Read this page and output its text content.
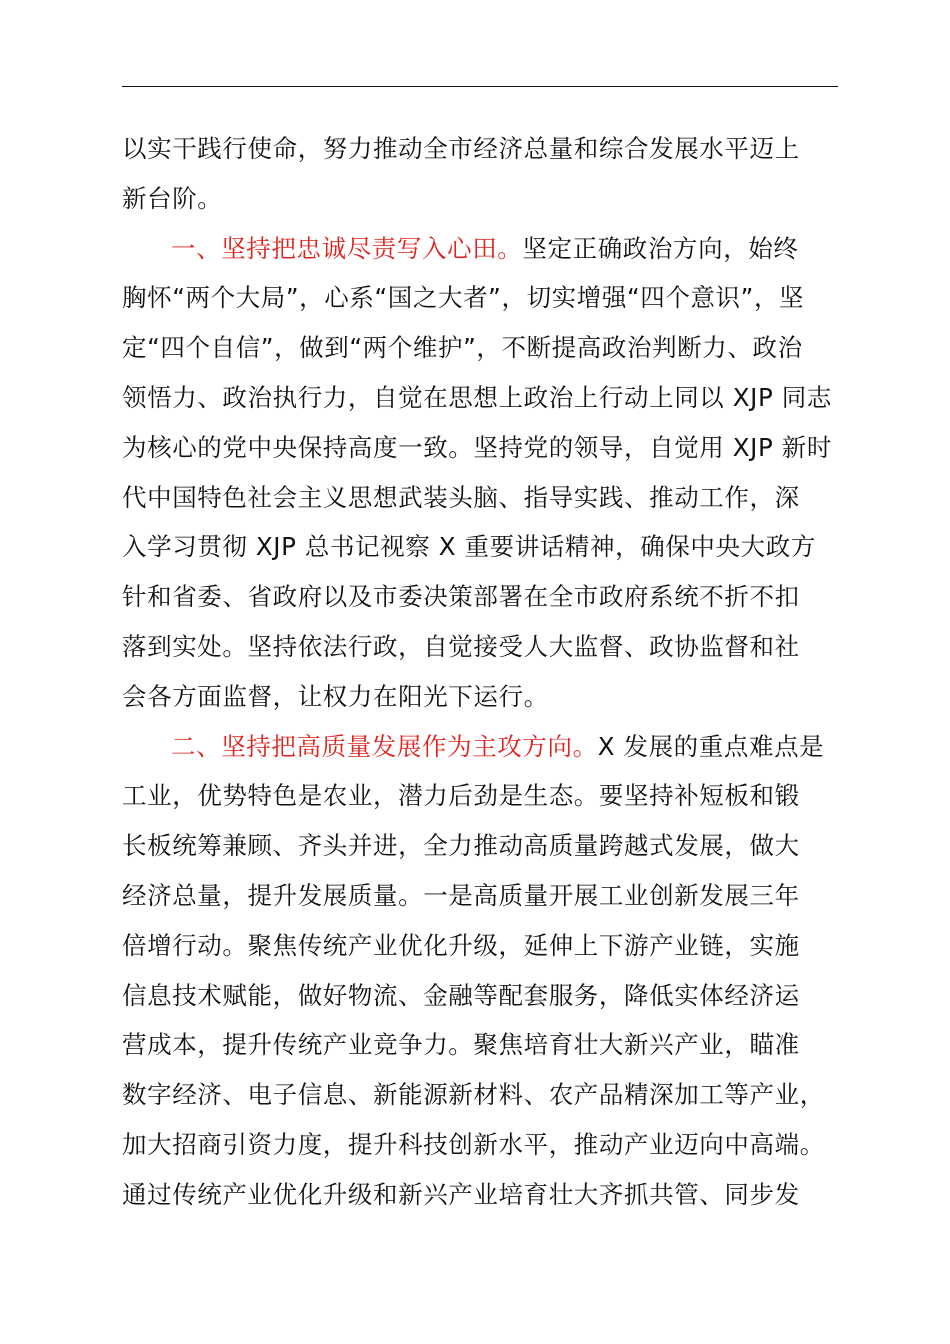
以实干践行使命，努力推动全市经济总量和综合发展水平迈上
新台阶。
一、坚持把忠诚尽责写入心田。坚定正确政治方向，始终
胸怀“两个大局”，心系“国之大者”，切实增强“四个意识”，坚
定“四个自信”，做到“两个维护”，不断提高政治判断力、政治
领悟力、政治执行力，自觉在思想上政治上行动上同以 XJP 同志
为核心的党中央保持高度一致。坚持党的领导，自觉用 XJP 新时
代中国特色社会主义思想武装头脑、指导实践、推动工作，深
入学习贯彻 XJP 总书记视察 X 重要讲话精神，确保中央大政方
针和省委、省政府以及市委决策部署在全市政府系统不折不扣
落到实处。坚持依法行政，自觉接受人大监督、政协监督和社
会各方面监督，让权力在阳光下运行。
二、坚持把高质量发展作为主攻方向。X 发展的重点难点是
工业，优势特色是农业，潜力后劲是生态。要坚持补短板和锻
长板统筹兼顾、齐头并进，全力推动高质量跨越式发展，做大
经济总量，提升发展质量。一是高质量开展工业创新发展三年
倍增行动。聚焦传统产业优化升级，延伸上下游产业链，实施
信息技术赋能，做好物流、金融等配套服务，降低实体经济运
营成本，提升传统产业竞争力。聚焦培育壮大新兴产业，瞄准
数字经济、电子信息、新能源新材料、农产品精深加工等产业，
加大招商引资力度，提升科技创新水平，推动产业迈向中高端。
通过传统产业优化升级和新兴产业培育壮大齐抓共管、同步发
